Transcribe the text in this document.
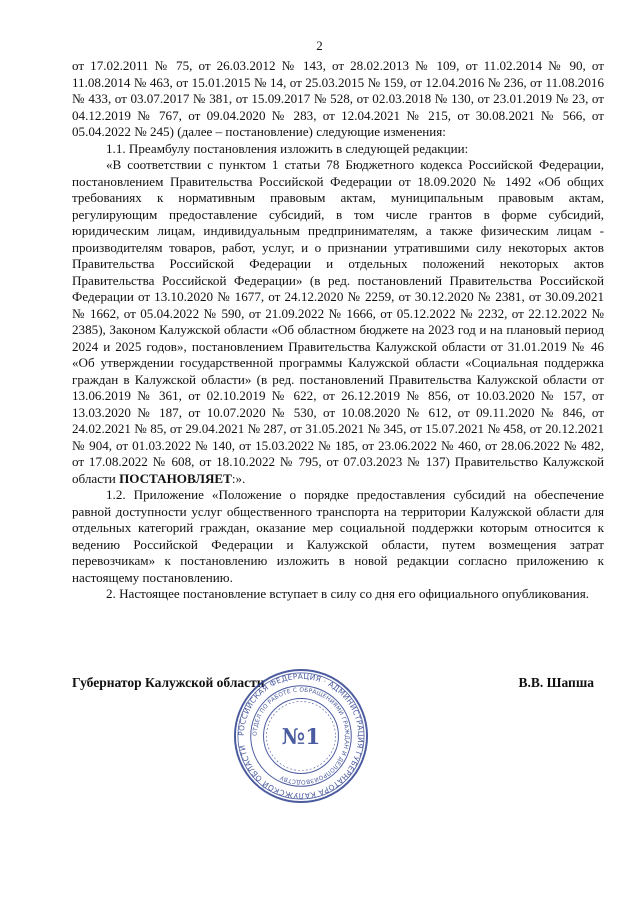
2

от 17.02.2011 № 75, от 26.03.2012 № 143, от 28.02.2013 № 109, от 11.02.2014 № 90, от 11.08.2014 № 463, от 15.01.2015 № 14, от 25.03.2015 № 159, от 12.04.2016 № 236, от 11.08.2016 № 433, от 03.07.2017 № 381, от 15.09.2017 № 528, от 02.03.2018 № 130, от 23.01.2019 № 23, от 04.12.2019 № 767, от 09.04.2020 № 283, от 12.04.2021 № 215, от 30.08.2021 № 566, от 05.04.2022 № 245) (далее – постановление) следующие изменения:

1.1. Преамбулу постановления изложить в следующей редакции:

«В соответствии с пунктом 1 статьи 78 Бюджетного кодекса Российской Федерации, постановлением Правительства Российской Федерации от 18.09.2020 № 1492 «Об общих требованиях к нормативным правовым актам, муниципальным правовым актам, регулирующим предоставление субсидий, в том числе грантов в форме субсидий, юридическим лицам, индивидуальным предпринимателям, а также физическим лицам - производителям товаров, работ, услуг, и о признании утратившими силу некоторых актов Правительства Российской Федерации и отдельных положений некоторых актов Правительства Российской Федерации» (в ред. постановлений Правительства Российской Федерации от 13.10.2020 № 1677, от 24.12.2020 № 2259, от 30.12.2020 № 2381, от 30.09.2021 № 1662, от 05.04.2022 № 590, от 21.09.2022 № 1666, от 05.12.2022 № 2232, от 22.12.2022 № 2385), Законом Калужской области «Об областном бюджете на 2023 год и на плановый период 2024 и 2025 годов», постановлением Правительства Калужской области от 31.01.2019 № 46 «Об утверждении государственной программы Калужской области «Социальная поддержка граждан в Калужской области» (в ред. постановлений Правительства Калужской области от 13.06.2019 № 361, от 02.10.2019 № 622, от 26.12.2019 № 856, от 10.03.2020 № 157, от 13.03.2020 № 187, от 10.07.2020 № 530, от 10.08.2020 № 612, от 09.11.2020 № 846, от 24.02.2021 № 85, от 29.04.2021 № 287, от 31.05.2021 № 345, от 15.07.2021 № 458, от 20.12.2021 № 904, от 01.03.2022 № 140, от 15.03.2022 № 185, от 23.06.2022 № 460, от 28.06.2022 № 482, от 17.08.2022 № 608, от 18.10.2022 № 795, от 07.03.2023 № 137) Правительство Калужской области ПОСТАНОВЛЯЕТ:».

1.2. Приложение «Положение о порядке предоставления субсидий на обеспечение равной доступности услуг общественного транспорта на территории Калужской области для отдельных категорий граждан, оказание мер социальной поддержки которым относится к ведению Российской Федерации и Калужской области, путем возмещения затрат перевозчикам» к постановлению изложить в новой редакции согласно приложению к настоящему постановлению.

2. Настоящее постановление вступает в силу со дня его официального опубликования.

Губернатор Калужской области	В.В. Шапша
РОССИЙСКАЯ ФЕДЕРАЦИЯ · АДМИНИСТРАЦИЯ ГУБЕРНАТОРА КАЛУЖСКОЙ ОБЛАСТИ
ОТДЕЛ ПО РАБОТЕ С ОБРАЩЕНИЯМИ ГРАЖДАН И ДЕЛОПРОИЗВОДСТВУ
№1
